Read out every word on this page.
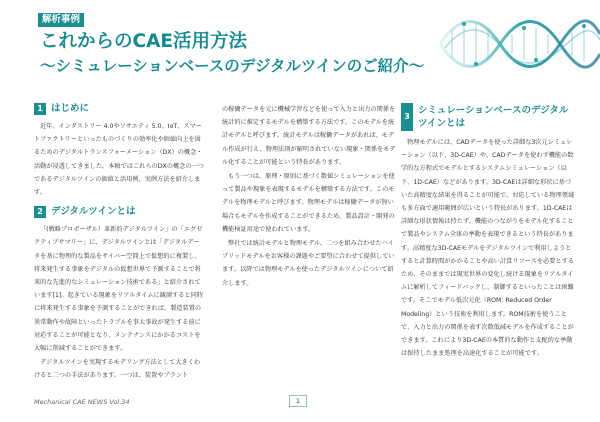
解析事例
これからのCAE活用方法
〜シミュレーションベースのデジタルツインのご紹介〜
1 はじめに

近年、インダストリー 4.0やソサエティ 5.0、IoT、スマートファクトリーといったものづくりの効率化や価値向上を図るためのデジタルトランスフォーメーション（DX）の概念・活動が浸透してきました。本稿ではこれらのDXの概念の一つであるデジタルツインの価値と活用例、実例方法を紹介します。

2 デジタルツインとは

「(戦略プロポーザル）革新的デジタルツイン」の「エグゼクティブサマリー」に、デジタルツインとは「デジタルデータを基に物理的な製品をサイバー空間上で仮想的に複製し、将来発生する事象をデジタルの仮想世界で予測することで将来的な先進的なシミュレーション技術である」と紹介されています[1]。起きている現象をリアルタイムに観測すると同時に将来発生する事象を予測することができれば、製造装置の異常動作や故障といったトラブルを事大事故が発生する前に対応することが可能となり、メンテナンスにかかるコストを大幅に削減することができます。

デジタルツインを実現するモデリング方法として大きくわけると二つの手法があります。一つは、装置やプラント

の稼働データを元に機械学習などを使って入力と出力の関係を統計的に推定するモデルを構築する方法です。このモデルを統計モデルと呼びます。統計モデルは稼働データがあれば、モデル作成が行え、物理法則が解明されていない現象・関係をモデル化することが可能という特長があります。

もう一つは、原理・原則に基づく数値シミュレーションを使って製品や現象を表現するモデルを構築する方法です。このモデルを物理モデルと呼びます。物理モデルは稼働データが無い場合もモデルを作成することができるため、製品設計・開発の機能検証用途で使われています。

弊社では統計モデルと物理モデル、二つを組み合わせたハイブリッドモデルをお客様の課題やご要望に合わせて提供しています。以降では物理モデルを使ったデジタルツインについて紹介します。

3
シミュレーションベースのデジタル
ツインとは

物理モデルには、CADデータを使った詳細な3次元シミュレーション（以下、3D-CAE）や、CADデータを使わず機能の数学的な方程式でモデルとするシステムシミュレーション（以下、1D-CAE）などがあります。3D-CAEは詳細な形状に基づいた高精度な結果を得ることが可能で、対応している物理領域も多方面で適用範囲が広いという特長があります。1D-CAEは詳細な形状情報は持たず、機能のつながりをモデル化することで製品やシステム全体の挙動を表現できるという特長があります。高精度な3D-CAEモデルをデジタルツインで利用しようとすると計算時間がかかることや高い計算リソースを必要とするため、そのままでは現実世界の変化し続ける現象をリアルタイムに解析してフィードバックし、制御するといったことは困難です。そこでモデル低次元化（ROM: Reduced Order Modeling）という技術を利用します。ROM技術を使うことで、入力と出力の関係を表す次数低減モデルを作成することができます。これにより3D-CAEの本質的な動作と支配的な挙動は保持したまま処理を高速化することが可能です。

Mechanical CAE NEWS Vol.34	1
